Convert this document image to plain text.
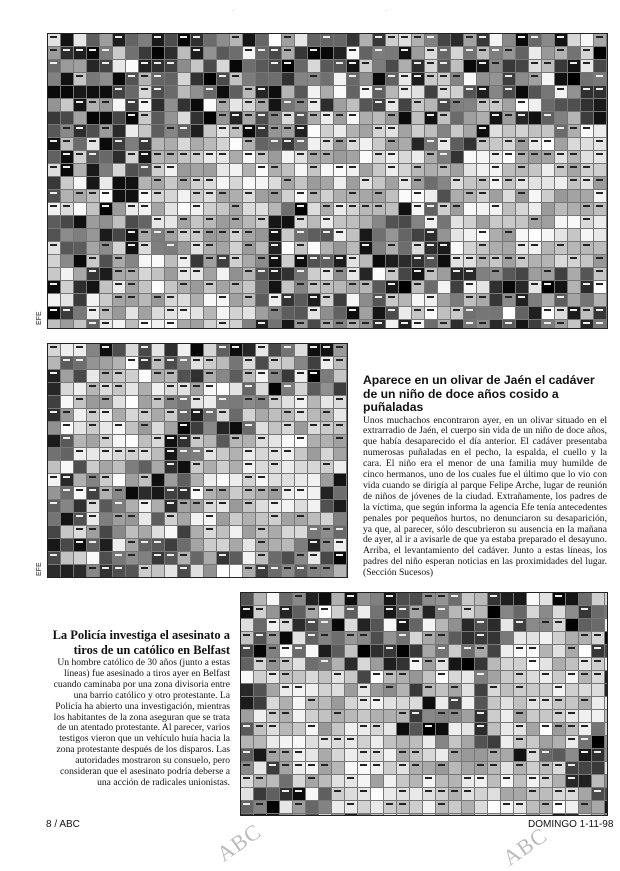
EFE
EFE
Aparece en un olivar de Jaén el cadáver de un niño de doce años cosido a puñaladas

Unos muchachos encontraron ayer, en un olivar situado en el extrarradio de Jaén, el cuerpo sin vida de un niño de doce años, que había desaparecido el día anterior. El cadáver presentaba numerosas puñaladas en el pecho, la espalda, el cuello y la cara. El niño era el menor de una familia muy humilde de cinco hermanos, uno de los cuales fue el último que lo vio con vida cuando se dirigía al parque Felipe Arche, lugar de reunión de niños de jóvenes de la ciudad. Extrañamente, los padres de la víctima, que según informa la agencia Efe tenía antecedentes penales por pequeños hurtos, no denunciaron su desaparición, ya que, al parecer, sólo descubrieron su ausencia en la mañana de ayer, al ir a avisarle de que ya estaba preparado el desayuno. Arriba, el levantamiento del cadáver. Junto a estas líneas, los padres del niño esperan noticias en las proximidades del lugar. (Sección Sucesos)

La Policía investiga el asesinato a tiros de un católico en Belfast

Un hombre católico de 30 años (junto a estas líneas) fue asesinado a tiros ayer en Belfast cuando caminaba por una zona divisoria entre una barrio católico y otro protestante. La Policía ha abierto una investigación, mientras los habitantes de la zona aseguran que se trata de un atentado protestante. Al parecer, varios testigos vieron que un vehículo huía hacia la zona protestante después de los disparos. Las autoridades mostraron su consuelo, pero consideran que el asesinato podría deberse a una acción de radicales unionistas.

8 / ABC	DOMINGO 1-11-98
ABC	ABC
·	·
·
